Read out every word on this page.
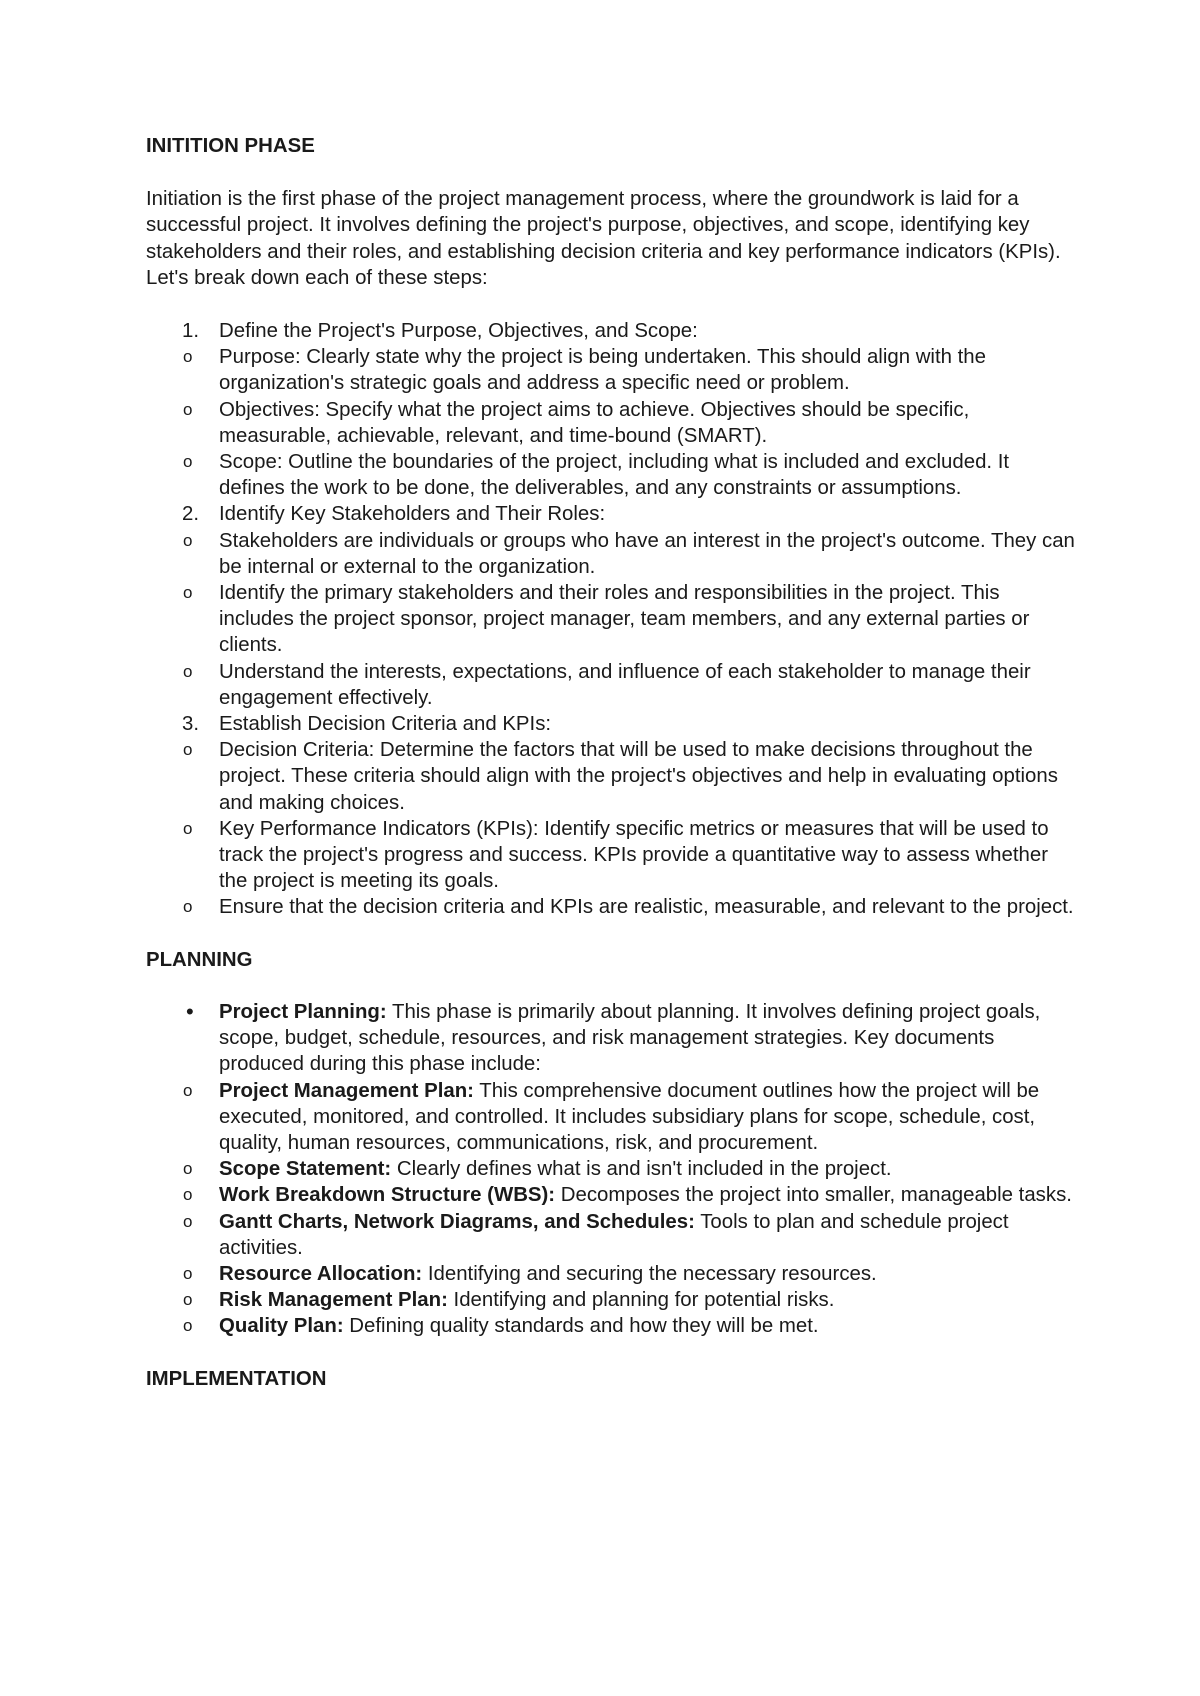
INITITION PHASE

Initiation is the first phase of the project management process, where the groundwork is laid for a successful project. It involves defining the project's purpose, objectives, and scope, identifying key stakeholders and their roles, and establishing decision criteria and key performance indicators (KPIs). Let's break down each of these steps:

1. Define the Project's Purpose, Objectives, and Scope:
o Purpose: Clearly state why the project is being undertaken. This should align with the organization's strategic goals and address a specific need or problem.
o Objectives: Specify what the project aims to achieve. Objectives should be specific, measurable, achievable, relevant, and time-bound (SMART).
o Scope: Outline the boundaries of the project, including what is included and excluded. It defines the work to be done, the deliverables, and any constraints or assumptions.
2. Identify Key Stakeholders and Their Roles:
o Stakeholders are individuals or groups who have an interest in the project's outcome. They can be internal or external to the organization.
o Identify the primary stakeholders and their roles and responsibilities in the project. This includes the project sponsor, project manager, team members, and any external parties or clients.
o Understand the interests, expectations, and influence of each stakeholder to manage their engagement effectively.
3. Establish Decision Criteria and KPIs:
o Decision Criteria: Determine the factors that will be used to make decisions throughout the project. These criteria should align with the project's objectives and help in evaluating options and making choices.
o Key Performance Indicators (KPIs): Identify specific metrics or measures that will be used to track the project's progress and success. KPIs provide a quantitative way to assess whether the project is meeting its goals.
o Ensure that the decision criteria and KPIs are realistic, measurable, and relevant to the project.

PLANNING

• Project Planning: This phase is primarily about planning. It involves defining project goals, scope, budget, schedule, resources, and risk management strategies. Key documents produced during this phase include:
o Project Management Plan: This comprehensive document outlines how the project will be executed, monitored, and controlled. It includes subsidiary plans for scope, schedule, cost, quality, human resources, communications, risk, and procurement.
o Scope Statement: Clearly defines what is and isn't included in the project.
o Work Breakdown Structure (WBS): Decomposes the project into smaller, manageable tasks.
o Gantt Charts, Network Diagrams, and Schedules: Tools to plan and schedule project activities.
o Resource Allocation: Identifying and securing the necessary resources.
o Risk Management Plan: Identifying and planning for potential risks.
o Quality Plan: Defining quality standards and how they will be met.

IMPLEMENTATION
